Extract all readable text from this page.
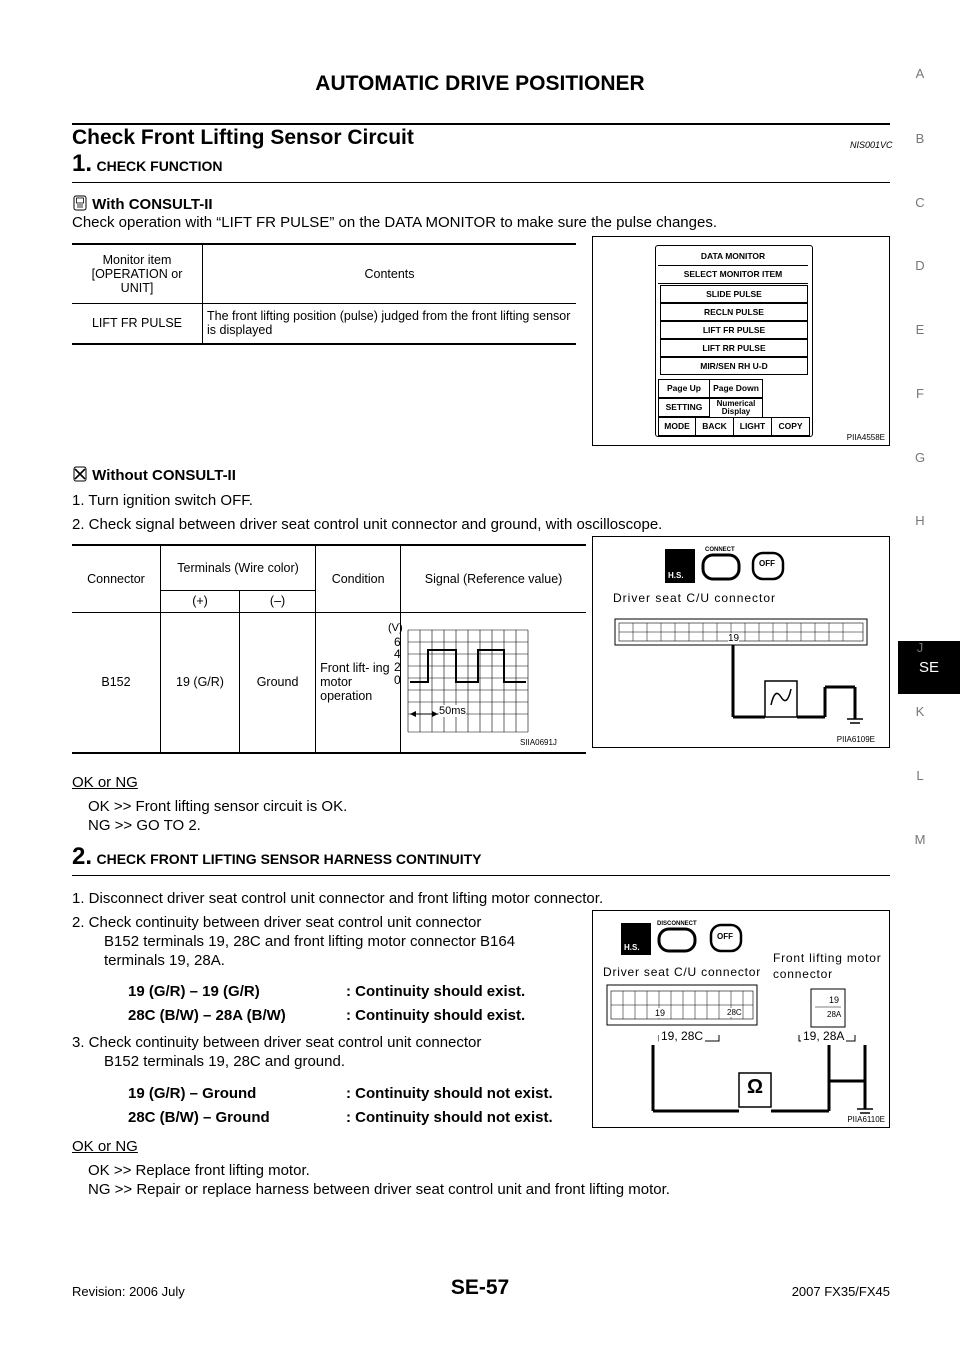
AUTOMATIC DRIVE POSITIONER
Check Front Lifting Sensor Circuit	NIS001VC
1. CHECK FUNCTION
With CONSULT-II
Check operation with “LIFT FR PULSE” on the DATA MONITOR to make sure the pulse changes.
Monitor item [OPERATION or UNIT]	Contents
LIFT FR PULSE	The front lifting position (pulse) judged from the front lifting sensor is displayed
DATA MONITOR
SELECT MONITOR ITEM
SLIDE PULSE
RECLN PULSE
LIFT FR PULSE
LIFT RR PULSE
MIR/SEN RH U-D
Page Up	Page Down
SETTING	Numerical Display
MODE	BACK	LIGHT	COPY
PIIA4558E
Without CONSULT-II
1. Turn ignition switch OFF.
2. Check signal between driver seat control unit connector and ground, with oscilloscope.
Connector	Terminals (Wire color)		Condition	Signal (Reference value)
	(+)	(–)		
B152	19 (G/R)	Ground	Front lift- ing motor operation	
(V)
6
4
2
0
50ms
SIIA0691J
H.S.
CONNECT
OFF
Driver seat C/U connector
19
PIIA6109E
OK or NG
OK >> Front lifting sensor circuit is OK.
NG >> GO TO 2.
2. CHECK FRONT LIFTING SENSOR HARNESS CONTINUITY
1. Disconnect driver seat control unit connector and front lifting motor connector.
2. Check continuity between driver seat control unit connector
B152 terminals 19, 28C and front lifting motor connector B164
terminals 19, 28A.
19 (G/R) – 19 (G/R)	: Continuity should exist.
28C (B/W) – 28A (B/W)	: Continuity should exist.
3. Check continuity between driver seat control unit connector
B152 terminals 19, 28C and ground.
19 (G/R) – Ground	: Continuity should not exist.
28C (B/W) – Ground	: Continuity should not exist.
H.S.
DISCONNECT
OFF
Driver seat C/U connector
Front lifting motor
connector
19	28C
19
28A
19, 28C	19, 28A
Ω
PIIA6110E
OK or NG
OK >> Replace front lifting motor.
NG >> Repair or replace harness between driver seat control unit and front lifting motor.
A
B
C
D
E
F
G
H
SE
J
K
L
M
Revision: 2006 July	SE-57	2007 FX35/FX45
